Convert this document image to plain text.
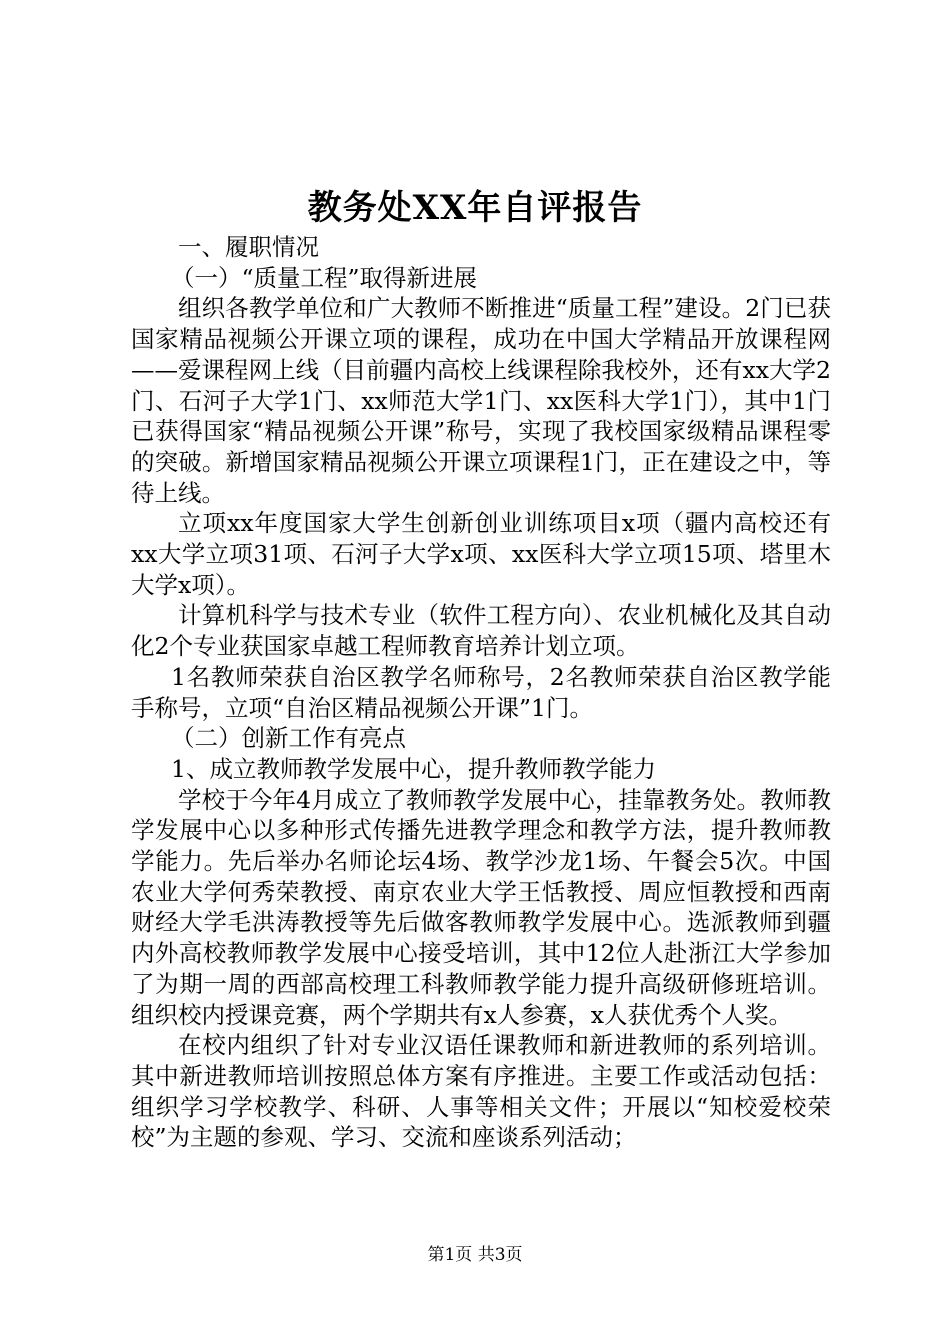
教务处XX年自评报告

一、履职情况

（一）“质量工程”取得新进展

组织各教学单位和广大教师不断推进“质量工程”建设。2门已获国家精品视频公开课立项的课程，成功在中国大学精品开放课程网——爱课程网上线（目前疆内高校上线课程除我校外，还有xx大学2门、石河子大学1门、xx师范大学1门、xx医科大学1门），其中1门已获得国家“精品视频公开课”称号，实现了我校国家级精品课程零的突破。新增国家精品视频公开课立项课程1门，正在建设之中，等待上线。

立项xx年度国家大学生创新创业训练项目x项（疆内高校还有xx大学立项31项、石河子大学x项、xx医科大学立项15项、塔里木大学x项）。

计算机科学与技术专业（软件工程方向）、农业机械化及其自动化2个专业获国家卓越工程师教育培养计划立项。

1名教师荣获自治区教学名师称号，2名教师荣获自治区教学能手称号，立项“自治区精品视频公开课”1门。

（二）创新工作有亮点

1、成立教师教学发展中心，提升教师教学能力

学校于今年4月成立了教师教学发展中心，挂靠教务处。教师教学发展中心以多种形式传播先进教学理念和教学方法，提升教师教学能力。先后举办名师论坛4场、教学沙龙1场、午餐会5次。中国农业大学何秀荣教授、南京农业大学王恬教授、周应恒教授和西南财经大学毛洪涛教授等先后做客教师教学发展中心。选派教师到疆内外高校教师教学发展中心接受培训，其中12位人赴浙江大学参加了为期一周的西部高校理工科教师教学能力提升高级研修班培训。组织校内授课竞赛，两个学期共有x人参赛，x人获优秀个人奖。

在校内组织了针对专业汉语任课教师和新进教师的系列培训。其中新进教师培训按照总体方案有序推进。主要工作或活动包括：组织学习学校教学、科研、人事等相关文件；开展以“知校爱校荣校”为主题的参观、学习、交流和座谈系列活动；

第1页 共3页
